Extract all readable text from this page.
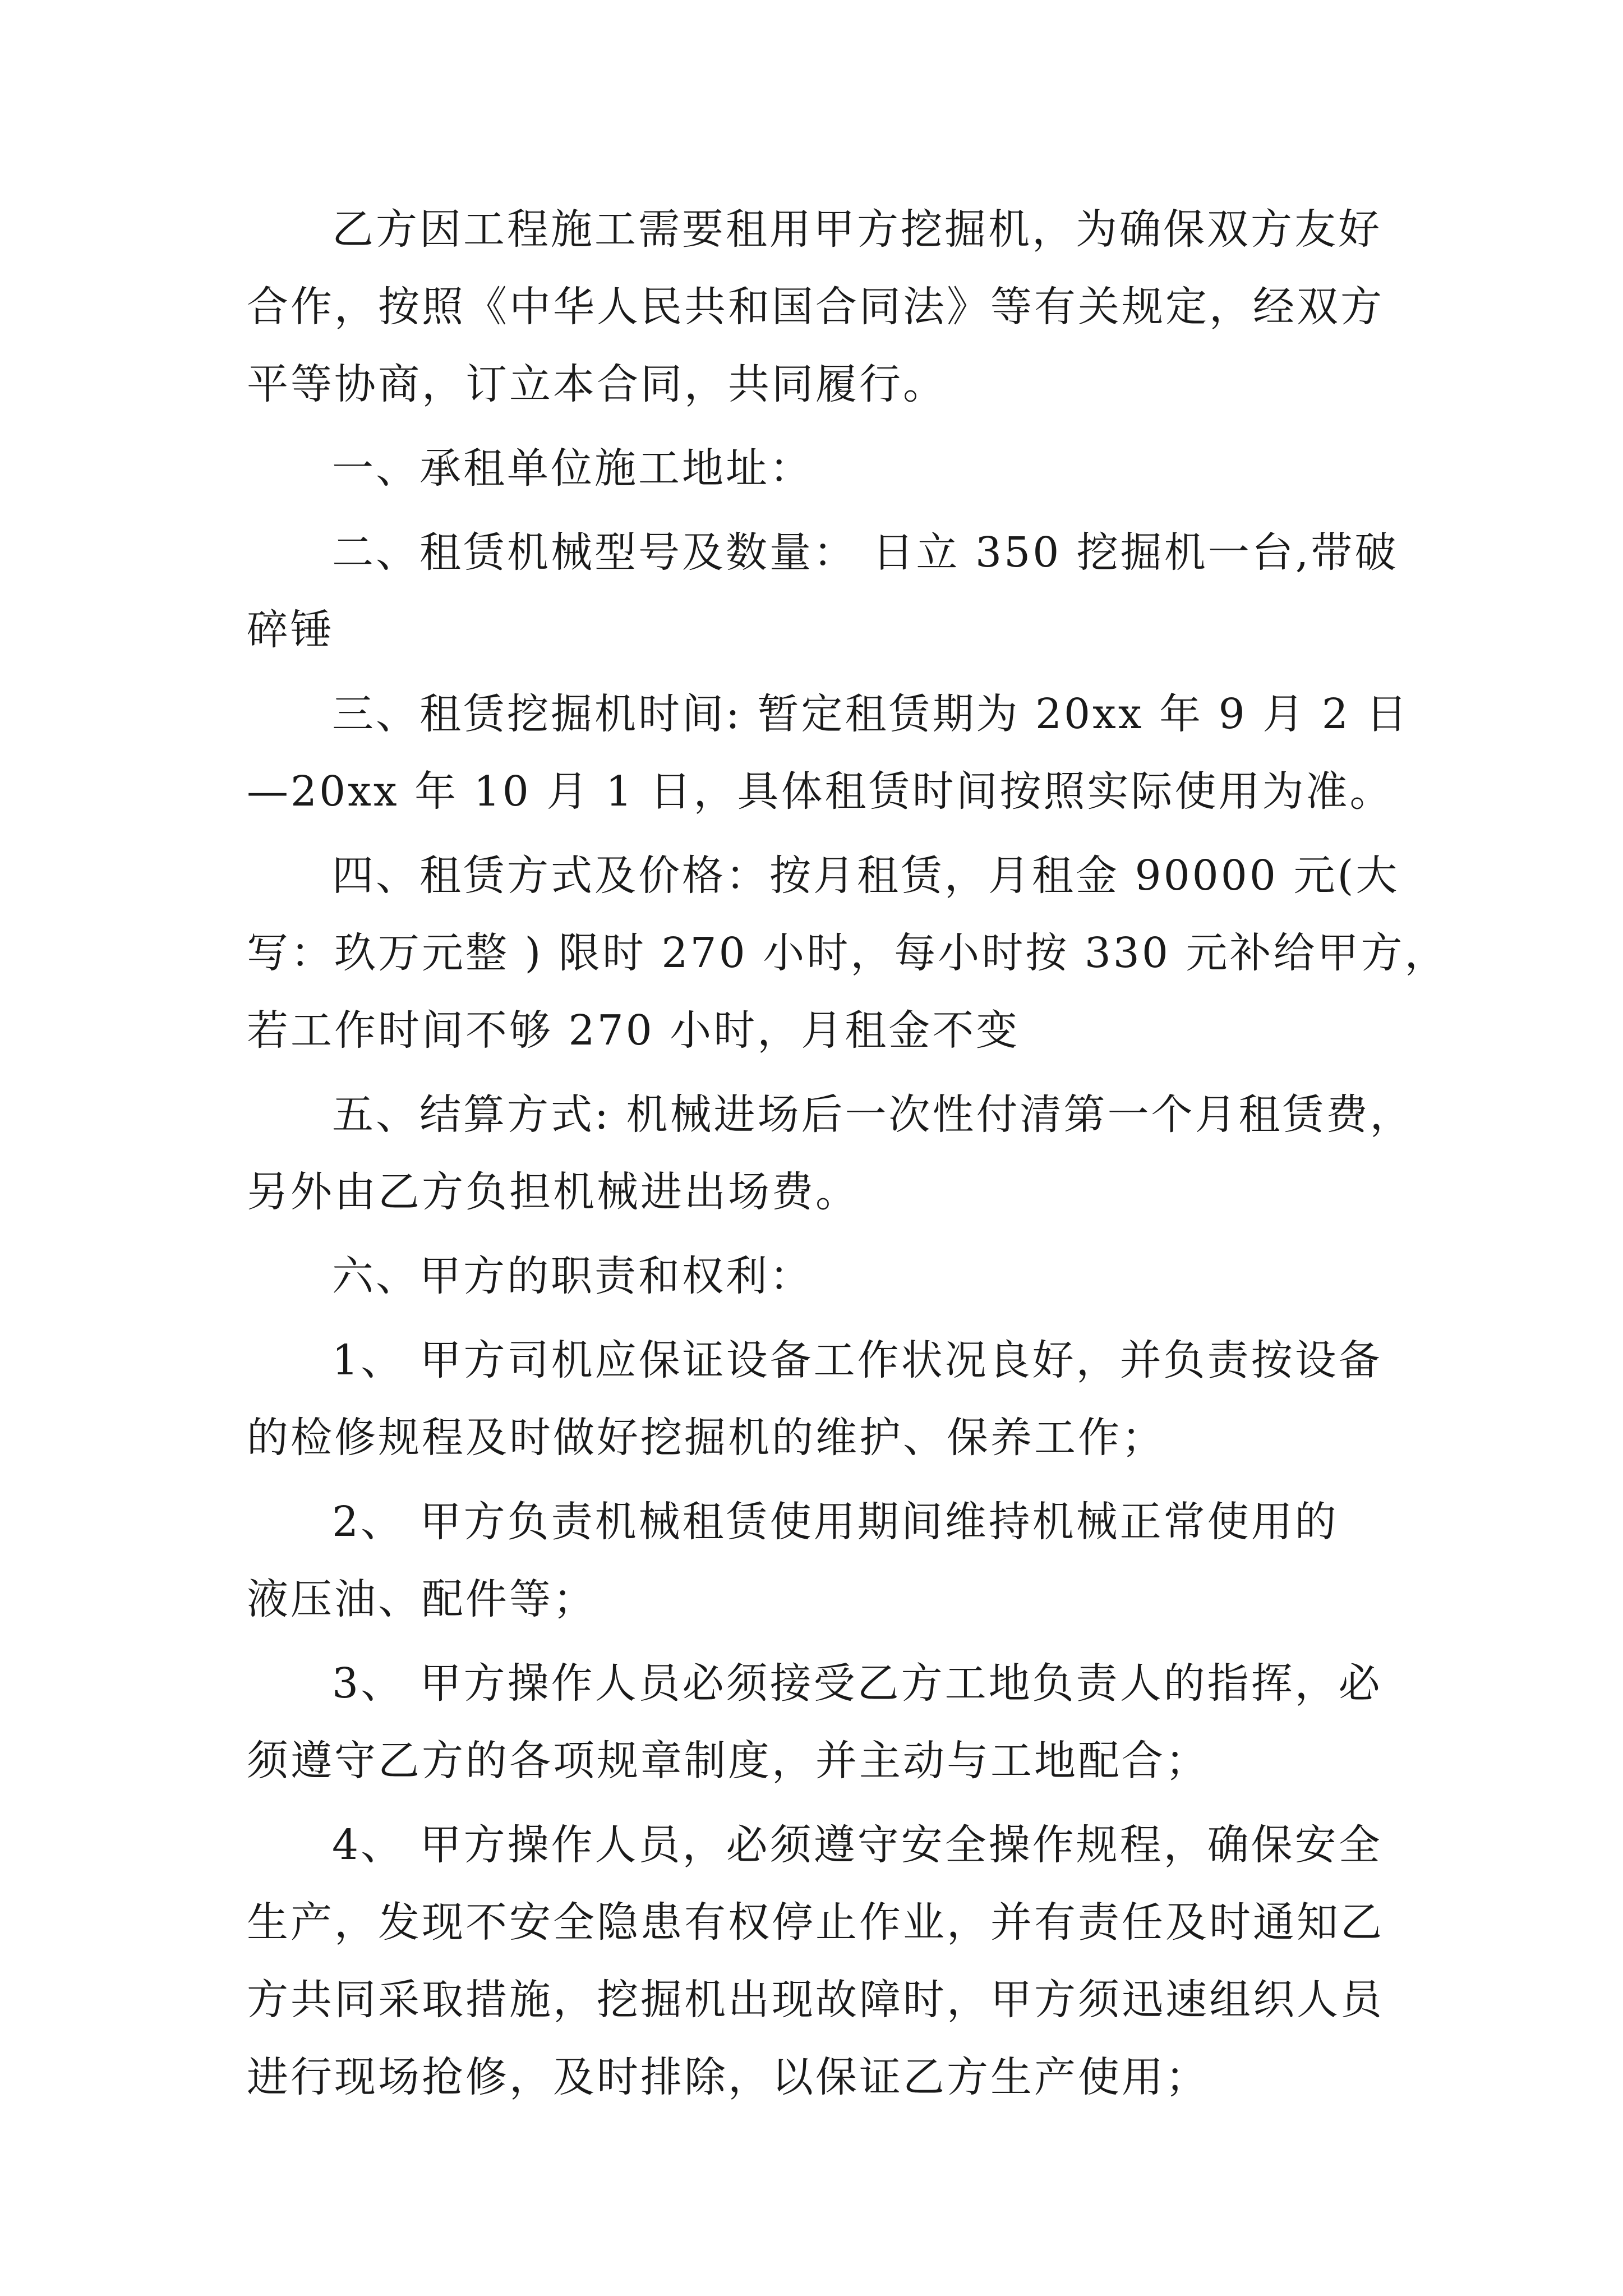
乙方因工程施工需要租用甲方挖掘机，为确保双方友好
合作，按照《中华人民共和国合同法》等有关规定，经双方
平等协商，订立本合同，共同履行。
一、承租单位施工地址：
二、租赁机械型号及数量： 日立 350 挖掘机一台,带破
碎锤
三、租赁挖掘机时间: 暂定租赁期为 20xx 年 9 月 2 日
—20xx 年 10 月 1 日，具体租赁时间按照实际使用为准。
四、租赁方式及价格：按月租赁，月租金 90000 元(大
写：玖万元整 ) 限时 270 小时，每小时按 330 元补给甲方，
若工作时间不够 270 小时，月租金不变
五、结算方式: 机械进场后一次性付清第一个月租赁费，
另外由乙方负担机械进出场费。
六、甲方的职责和权利：
1、 甲方司机应保证设备工作状况良好，并负责按设备
的检修规程及时做好挖掘机的维护、保养工作；
2、 甲方负责机械租赁使用期间维持机械正常使用的
液压油、配件等；
3、 甲方操作人员必须接受乙方工地负责人的指挥，必
须遵守乙方的各项规章制度，并主动与工地配合；
4、 甲方操作人员，必须遵守安全操作规程，确保安全
生产，发现不安全隐患有权停止作业，并有责任及时通知乙
方共同采取措施，挖掘机出现故障时，甲方须迅速组织人员
进行现场抢修，及时排除，以保证乙方生产使用；
